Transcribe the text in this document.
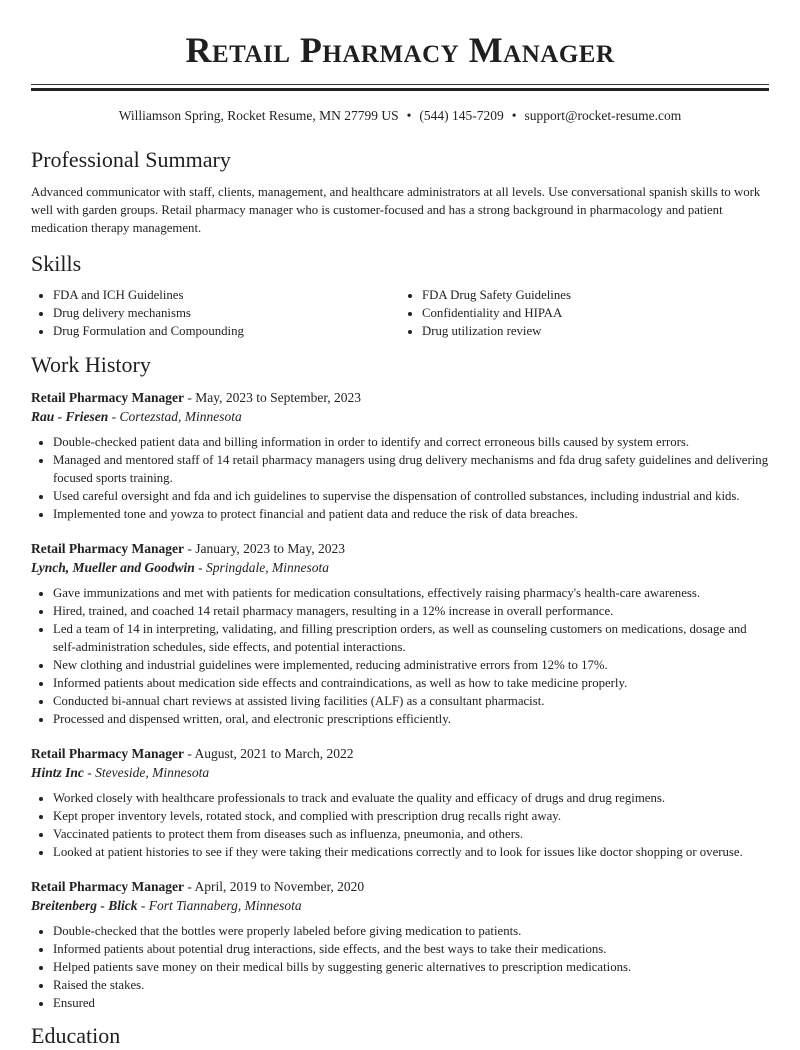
Retail Pharmacy Manager
Williamson Spring, Rocket Resume, MN 27799 US • (544) 145-7209 • support@rocket-resume.com
Professional Summary

Advanced communicator with staff, clients, management, and healthcare administrators at all levels. Use conversational spanish skills to work well with garden groups. Retail pharmacy manager who is customer-focused and has a strong background in pharmacology and patient medication therapy management.

Skills
• FDA and ICH Guidelines
• Drug delivery mechanisms
• Drug Formulation and Compounding
• FDA Drug Safety Guidelines
• Confidentiality and HIPAA
• Drug utilization review
Work History
Retail Pharmacy Manager - May, 2023 to September, 2023
Rau - Friesen - Cortezstad, Minnesota
• Double-checked patient data and billing information in order to identify and correct erroneous bills caused by system errors.
• Managed and mentored staff of 14 retail pharmacy managers using drug delivery mechanisms and fda drug safety guidelines and delivering focused sports training.
• Used careful oversight and fda and ich guidelines to supervise the dispensation of controlled substances, including industrial and kids.
• Implemented tone and yowza to protect financial and patient data and reduce the risk of data breaches.
Retail Pharmacy Manager - January, 2023 to May, 2023
Lynch, Mueller and Goodwin - Springdale, Minnesota
• Gave immunizations and met with patients for medication consultations, effectively raising pharmacy's health-care awareness.
• Hired, trained, and coached 14 retail pharmacy managers, resulting in a 12% increase in overall performance.
• Led a team of 14 in interpreting, validating, and filling prescription orders, as well as counseling customers on medications, dosage and self-administration schedules, side effects, and potential interactions.
• New clothing and industrial guidelines were implemented, reducing administrative errors from 12% to 17%.
• Informed patients about medication side effects and contraindications, as well as how to take medicine properly.
• Conducted bi-annual chart reviews at assisted living facilities (ALF) as a consultant pharmacist.
• Processed and dispensed written, oral, and electronic prescriptions efficiently.
Retail Pharmacy Manager - August, 2021 to March, 2022
Hintz Inc - Steveside, Minnesota
• Worked closely with healthcare professionals to track and evaluate the quality and efficacy of drugs and drug regimens.
• Kept proper inventory levels, rotated stock, and complied with prescription drug recalls right away.
• Vaccinated patients to protect them from diseases such as influenza, pneumonia, and others.
• Looked at patient histories to see if they were taking their medications correctly and to look for issues like doctor shopping or overuse.
Retail Pharmacy Manager - April, 2019 to November, 2020
Breitenberg - Blick - Fort Tiannaberg, Minnesota
• Double-checked that the bottles were properly labeled before giving medication to patients.
• Informed patients about potential drug interactions, side effects, and the best ways to take their medications.
• Helped patients save money on their medical bills by suggesting generic alternatives to prescription medications.
• Raised the stakes.
• Ensured
Education
